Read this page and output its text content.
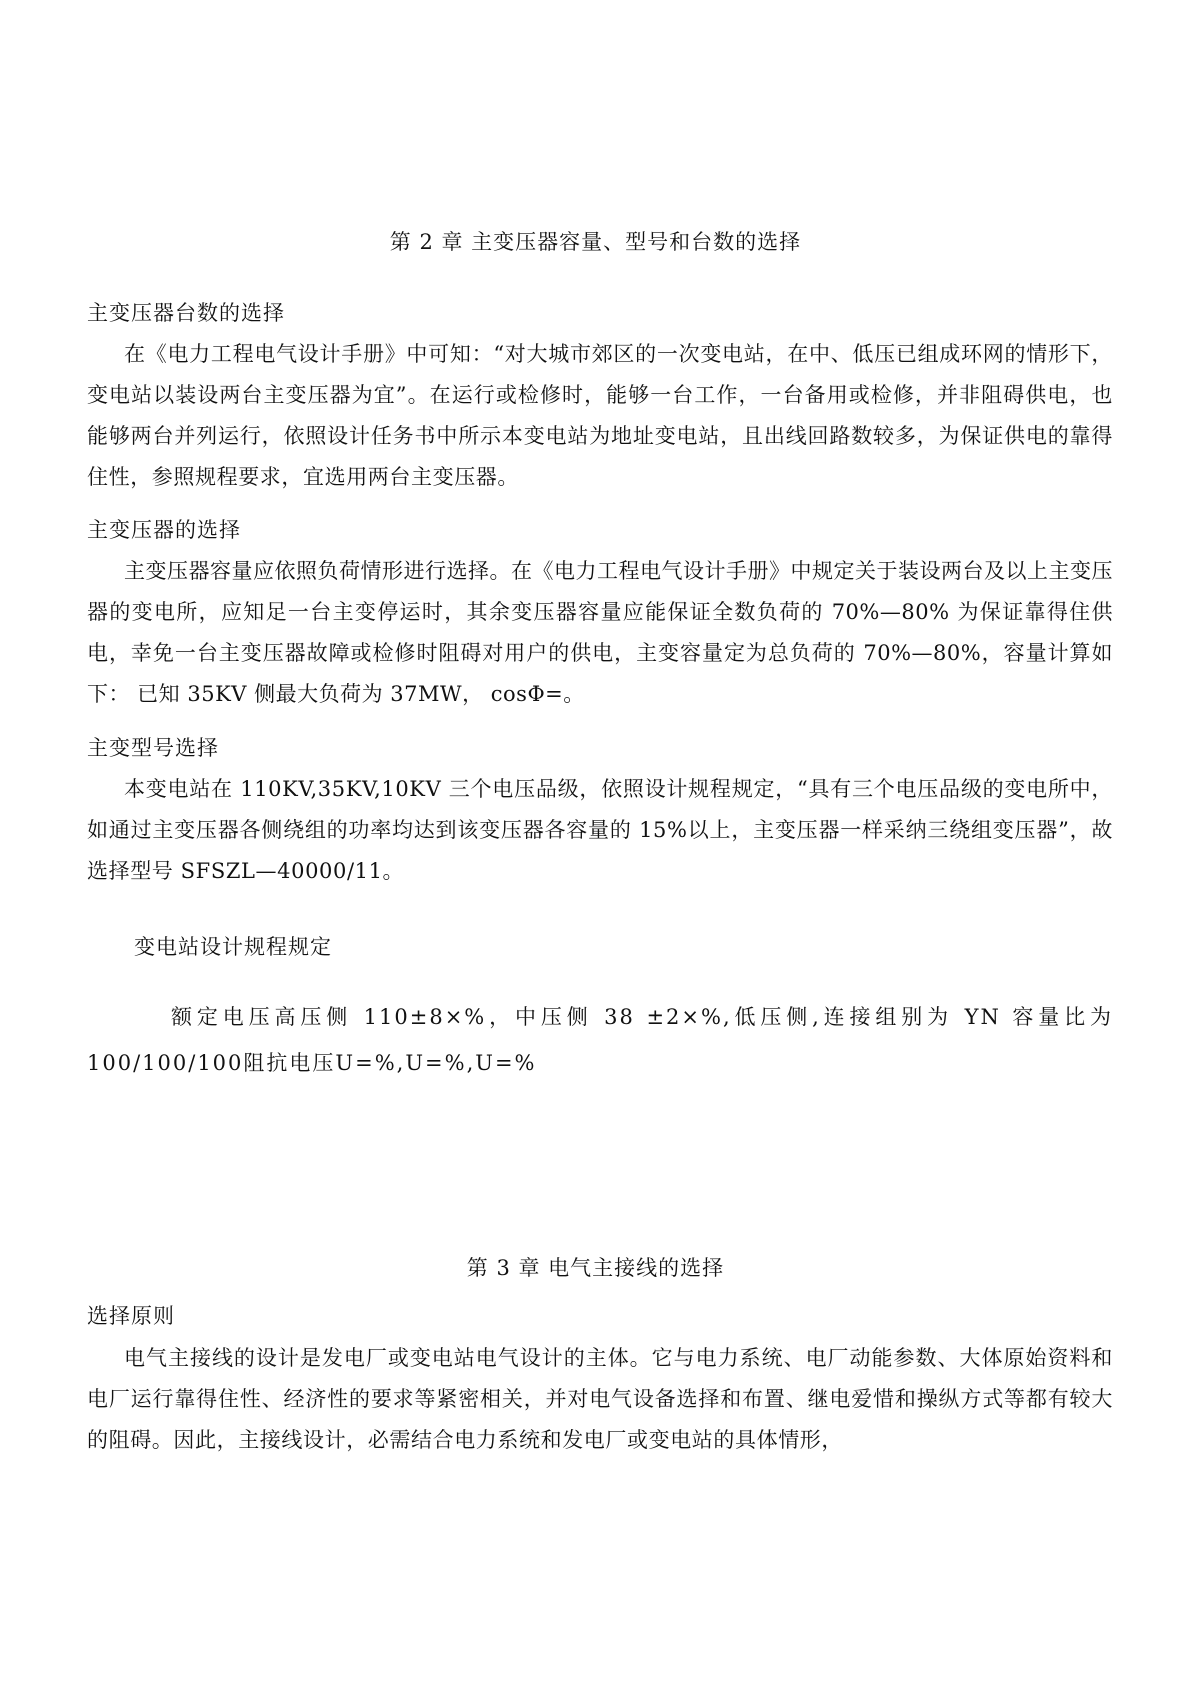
第 2 章 主变压器容量、型号和台数的选择
主变压器台数的选择
在《电力工程电气设计手册》中可知：“对大城市郊区的一次变电站，在中、低压已组成环网的情形下，变电站以装设两台主变压器为宜”。在运行或检修时，能够一台工作，一台备用或检修，并非阻碍供电，也能够两台并列运行，依照设计任务书中所示本变电站为地址变电站，且出线回路数较多，为保证供电的靠得住性，参照规程要求，宜选用两台主变压器。
主变压器的选择
主变压器容量应依照负荷情形进行选择。在《电力工程电气设计手册》中规定关于装设两台及以上主变压器的变电所，应知足一台主变停运时，其余变压器容量应能保证全数负荷的 70%—80% 为保证靠得住供电，幸免一台主变压器故障或检修时阻碍对用户的供电，主变容量定为总负荷的 70%—80%，容量计算如下： 已知 35KV 侧最大负荷为 37MW， cosΦ=。
主变型号选择
本变电站在 110KV,35KV,10KV 三个电压品级，依照设计规程规定，“具有三个电压品级的变电所中，如通过主变压器各侧绕组的功率均达到该变压器各容量的 15%以上，主变压器一样采纳三绕组变压器”，故选择型号 SFSZL—40000/11。
变电站设计规程规定
额定电压高压侧 110±8×%，中压侧 38 ±2×%,低压侧,连接组别为 YN 容量比为 100/100/100阻抗电压U=%,U=%,U=%
第 3 章 电气主接线的选择
选择原则
电气主接线的设计是发电厂或变电站电气设计的主体。它与电力系统、电厂动能参数、大体原始资料和电厂运行靠得住性、经济性的要求等紧密相关，并对电气设备选择和布置、继电爱惜和操纵方式等都有较大的阻碍。因此，主接线设计，必需结合电力系统和发电厂或变电站的具体情形，
